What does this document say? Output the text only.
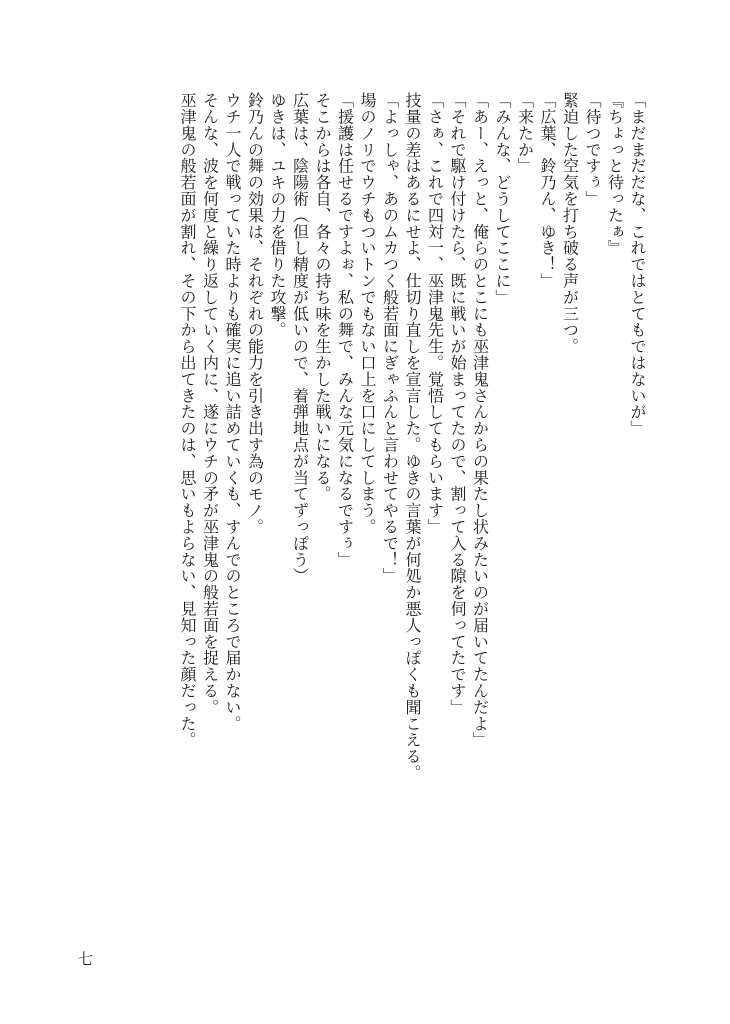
「まだまだだな、これではとてもではないが」

『ちょっと待ったぁ』

「待つですぅ」

緊迫した空気を打ち破る声が三つ。

「広葉、鈴乃ん、ゆき！」

「来たか」

「みんな、どうしてここに」

「あー、えっと、俺らのとこにも巫津鬼さんからの果たし状みたいのが届いてたんだよ」

「それで駆け付けたら、既に戦いが始まってたので、割って入る隙を伺ってたです」

「さぁ、これで四対一、巫津鬼先生。覚悟してもらいます」

技量の差はあるにせよ、仕切り直しを宣言した。ゆきの言葉が何処か悪人っぽくも聞こえる。

「よっしゃ、あのムカつく般若面にぎゃふんと言わせてやるで！」

場のノリでウチもついトンでもない口上を口にしてしまう。

「援護は任せるですよぉ、私の舞で、みんな元気になるですぅ」

そこからは各自、各々の持ち味を生かした戦いになる。

広葉は、陰陽術（但し精度が低いので、着弾地点が当てずっぽう）

ゆきは、ユキの力を借りた攻撃。

鈴乃んの舞の効果は、それぞれの能力を引き出す為のモノ。

ウチ一人で戦っていた時よりも確実に追い詰めていくも、すんでのところで届かない。

そんな、波を何度と繰り返していく内に、遂にウチの矛が巫津鬼の般若面を捉える。

巫津鬼の般若面が割れ、その下から出てきたのは、思いもよらない、見知った顔だった。

七
